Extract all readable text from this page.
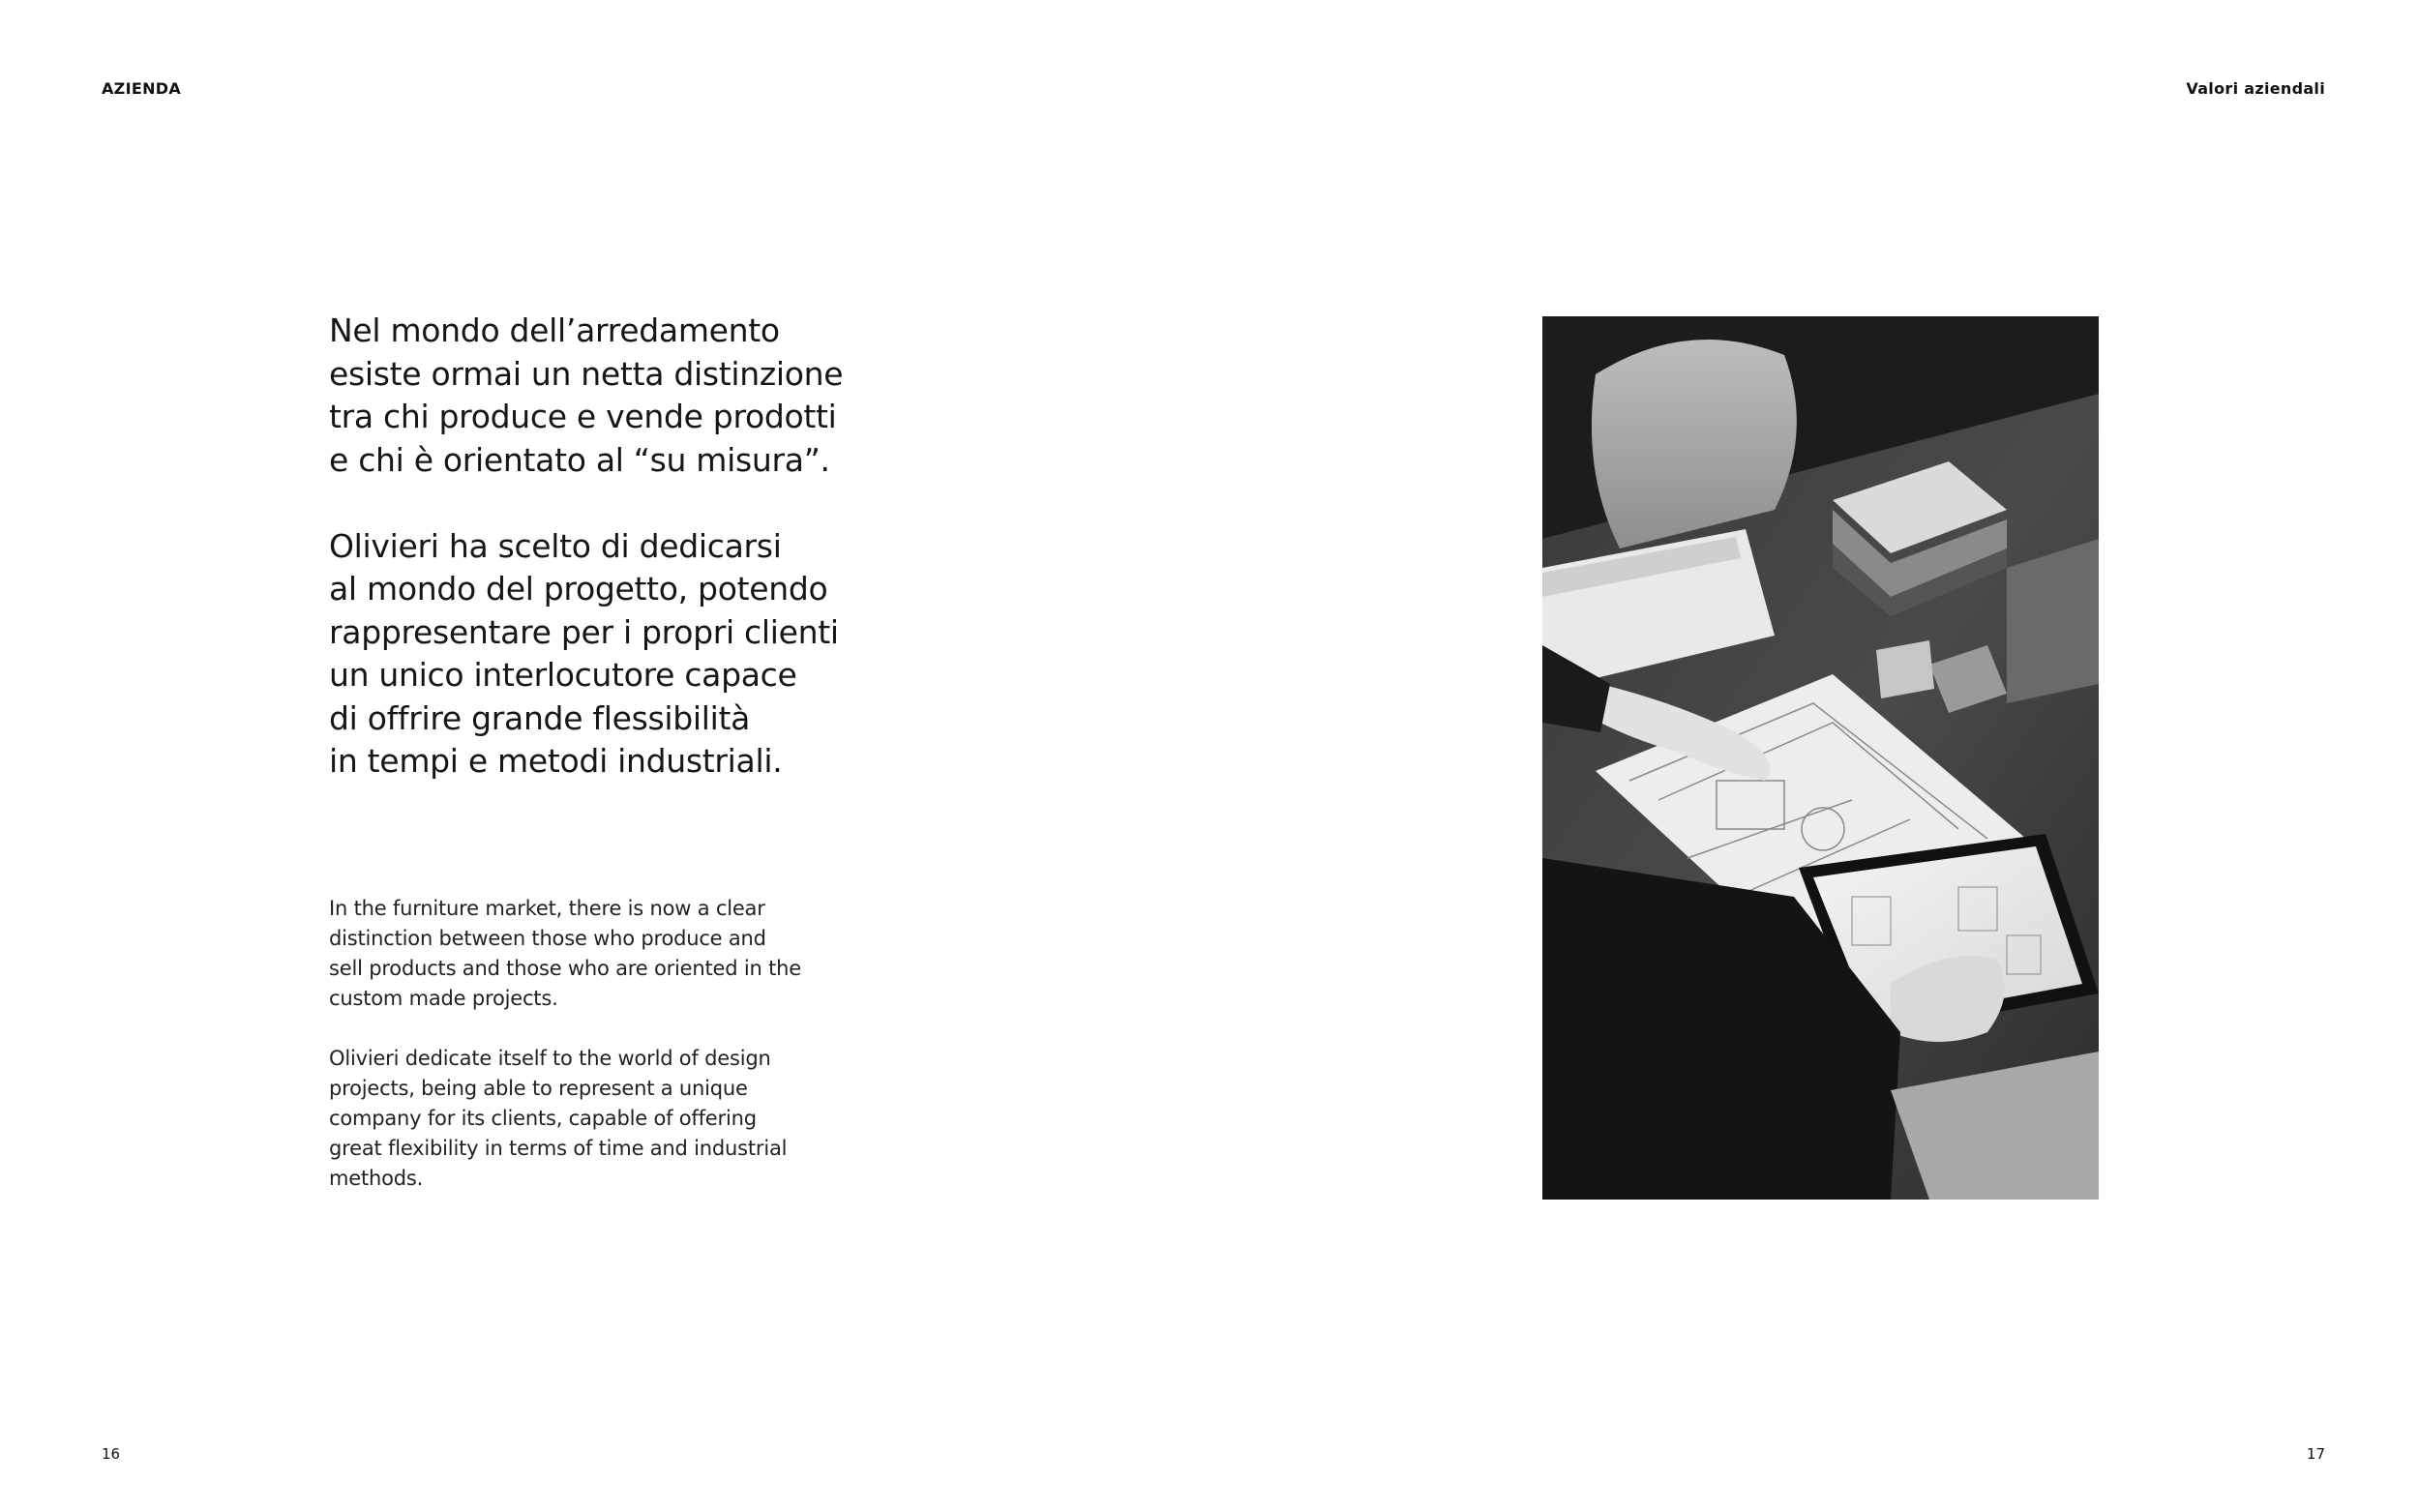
AZIENDA	Valori aziendali

Nel mondo dell’arredamento
esiste ormai un netta distinzione
tra chi produce e vende prodotti
e chi è orientato al “su misura”.

Olivieri ha scelto di dedicarsi
al mondo del progetto, potendo
rappresentare per i propri clienti
un unico interlocutore capace
di offrire grande flessibilità
in tempi e metodi industriali.

In the furniture market, there is now a clear
distinction between those who produce and
sell products and those who are oriented in the
custom made projects.

Olivieri dedicate itself to the world of design
projects, being able to represent a unique
company for its clients, capable of offering
great flexibility in terms of time and industrial
methods.

16	17
